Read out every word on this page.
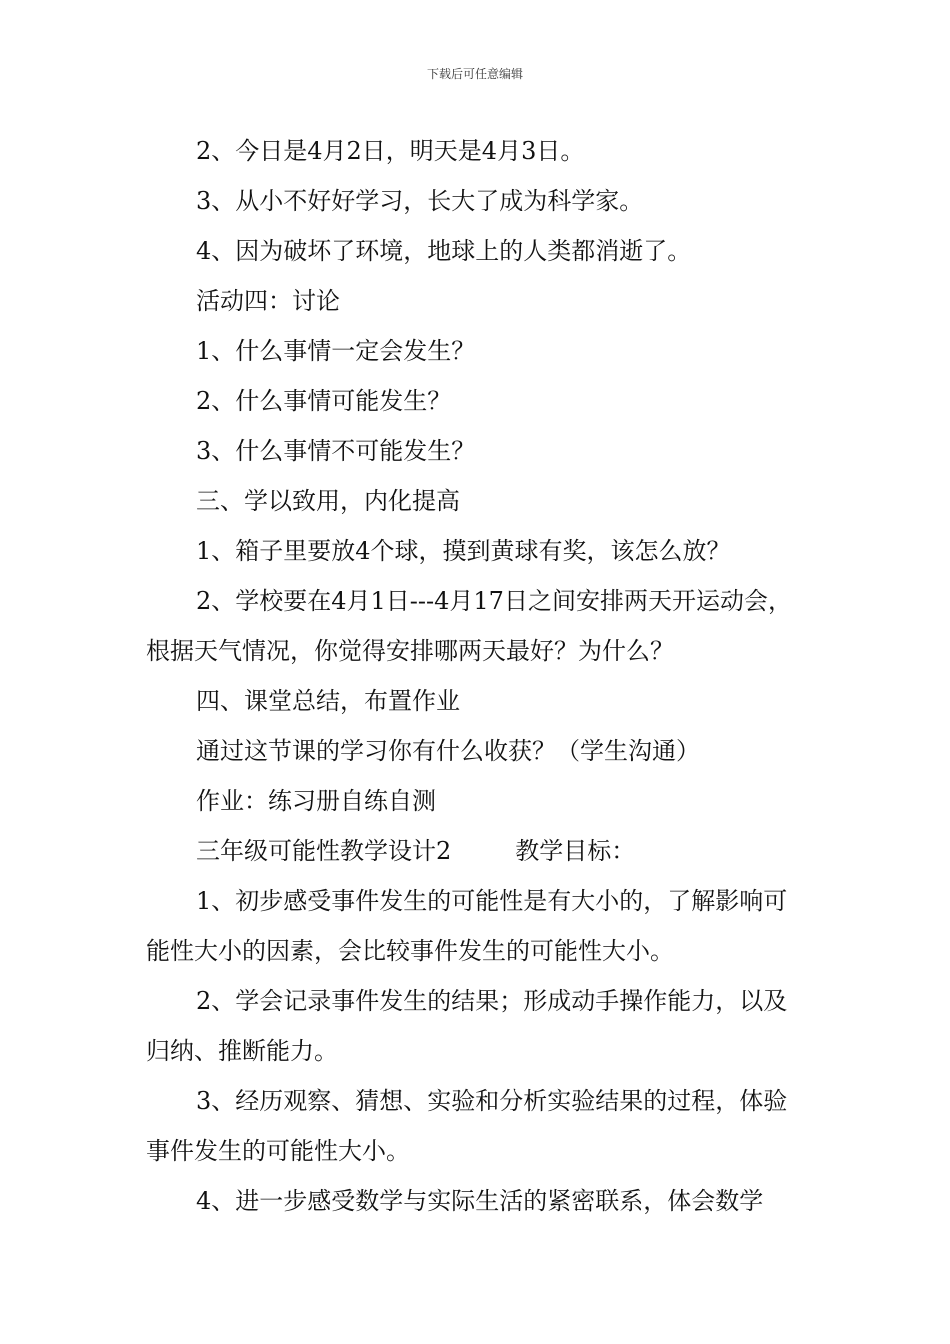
下载后可任意编辑

2、今日是4月2日，明天是4月3日。

3、从小不好好学习，长大了成为科学家。

4、因为破坏了环境，地球上的人类都消逝了。

活动四：讨论

1、什么事情一定会发生？

2、什么事情可能发生？

3、什么事情不可能发生？

三、学以致用，内化提高

1、箱子里要放4个球，摸到黄球有奖，该怎么放？

2、学校要在4月1日---4月17日之间安排两天开运动会，根据天气情况，你觉得安排哪两天最好？为什么？

四、课堂总结，布置作业

通过这节课的学习你有什么收获？（学生沟通）

作业：练习册自练自测

三年级可能性教学设计2	教学目标：

1、初步感受事件发生的可能性是有大小的，了解影响可能性大小的因素，会比较事件发生的可能性大小。

2、学会记录事件发生的结果；形成动手操作能力，以及归纳、推断能力。

3、经历观察、猜想、实验和分析实验结果的过程，体验事件发生的可能性大小。

4、进一步感受数学与实际生活的紧密联系，体会数学
